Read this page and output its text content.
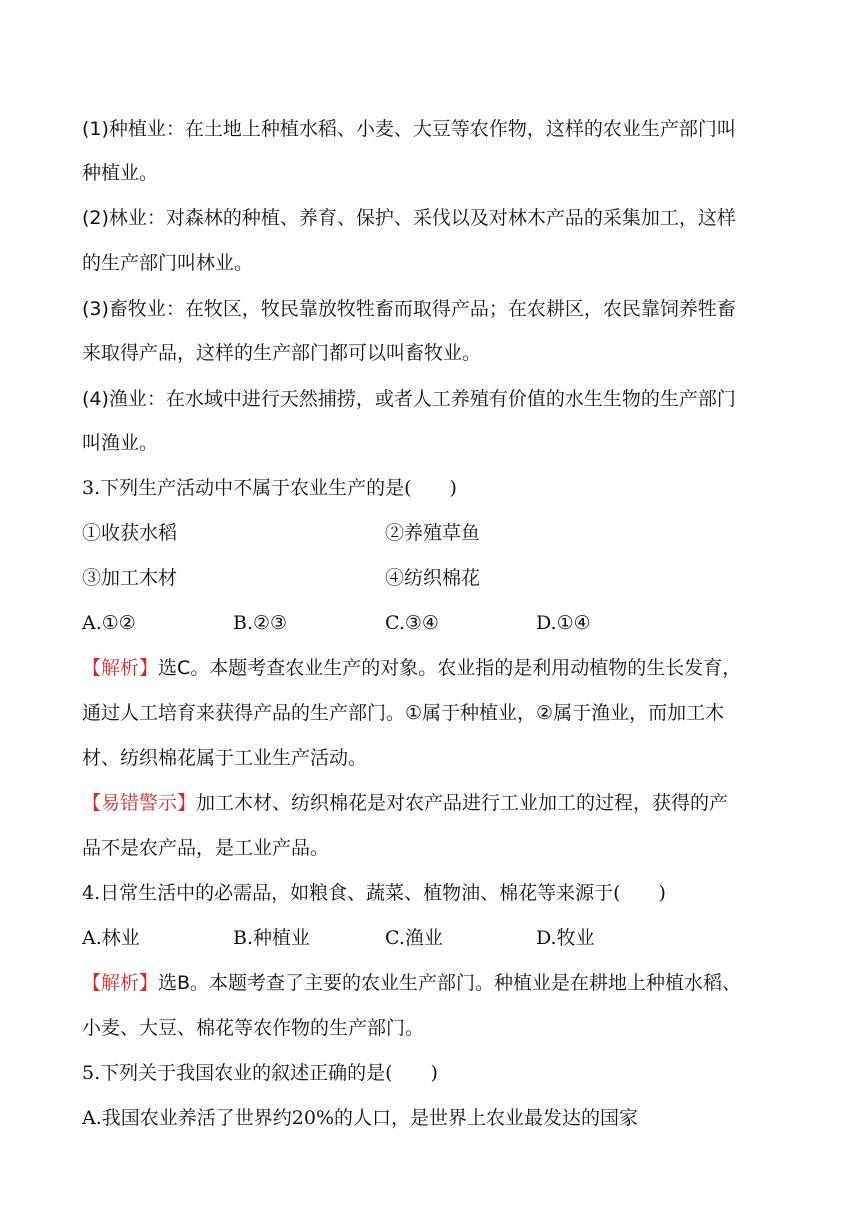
(1)种植业：在土地上种植水稻、小麦、大豆等农作物，这样的农业生产部门叫
种植业。
(2)林业：对森林的种植、养育、保护、采伐以及对林木产品的采集加工，这样
的生产部门叫林业。
(3)畜牧业：在牧区，牧民靠放牧牲畜而取得产品；在农耕区，农民靠饲养牲畜
来取得产品，这样的生产部门都可以叫畜牧业。
(4)渔业：在水域中进行天然捕捞，或者人工养殖有价值的水生生物的生产部门
叫渔业。
3.下列生产活动中不属于农业生产的是(　　)
①收获水稻	②养殖草鱼
③加工木材	④纺织棉花
A.①②	B.②③	C.③④	D.①④
【解析】选C。本题考查农业生产的对象。农业指的是利用动植物的生长发育，
通过人工培育来获得产品的生产部门。①属于种植业，②属于渔业，而加工木
材、纺织棉花属于工业生产活动。
【易错警示】加工木材、纺织棉花是对农产品进行工业加工的过程，获得的产
品不是农产品，是工业产品。
4.日常生活中的必需品，如粮食、蔬菜、植物油、棉花等来源于(　　)
A.林业	B.种植业	C.渔业	D.牧业
【解析】选B。本题考查了主要的农业生产部门。种植业是在耕地上种植水稻、
小麦、大豆、棉花等农作物的生产部门。
5.下列关于我国农业的叙述正确的是(　　)
A.我国农业养活了世界约20%的人口，是世界上农业最发达的国家
